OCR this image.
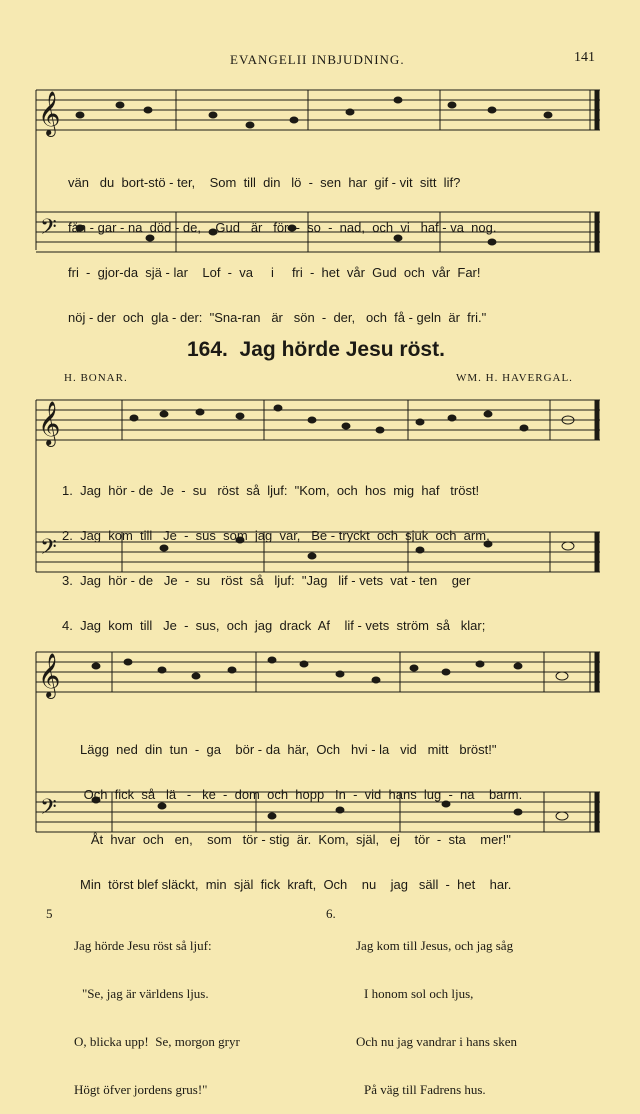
𝄞
𝄢
𝄞
𝄢
𝄞
𝄢
EVANGELII INBJUDNING.	141

vän   du  bort-stö - ter,    Som  till  din   lö  -  sen  har  gif - vit  sitt  lif?

fån - gar - na  död - de,    Gud   är   för  -  so  -  nad,  och  vi   haf - va  nog.

fri  -  gjor-da  sjä - lar    Lof  -  va     i     fri  -  het  vår  Gud  och  vår  Far!

nöj - der  och  gla - der:  "Sna-ran   är   sön  -  der,   och  få - geln  är  fri."

164. Jag hörde Jesu röst.
H. BONAR.	WM. H. HAVERGAL.

1.  Jag  hör - de  Je  -  su   röst  så  ljuf:  "Kom,  och  hos  mig  haf   tröst!

2.  Jag  kom  till   Je  -  sus  som  jag  var,   Be - tryckt  och  sjuk  och  arm,

3.  Jag  hör - de   Je  -  su   röst  så   ljuf:  "Jag   lif - vets  vat - ten    ger

4.  Jag  kom  till   Je  -  sus,  och  jag  drack  Af    lif - vets  ström  så   klar;

Lägg  ned  din  tun  -  ga    bör - da  här,  Och   hvi - la   vid   mitt   bröst!"

Och  fick  så   lä   -   ke  -  dom  och  hopp   In  -  vid  hans  lug  -  na    barm.

Åt  hvar  och   en,    som   tör - stig  är.  Kom,  själ,   ej    tör  -  sta    mer!"

Min  törst blef släckt,  min  själ  fick  kraft,  Och    nu    jag   säll  -  het    har.

5

Jag hörde Jesu röst så ljuf:

"Se, jag är världens ljus.

O, blicka upp!  Se, morgon gryr

Högt öfver jordens grus!"

6.

Jag kom till Jesus, och jag såg

I honom sol och ljus,

Och nu jag vandrar i hans sken

På väg till Fadrens hus.
